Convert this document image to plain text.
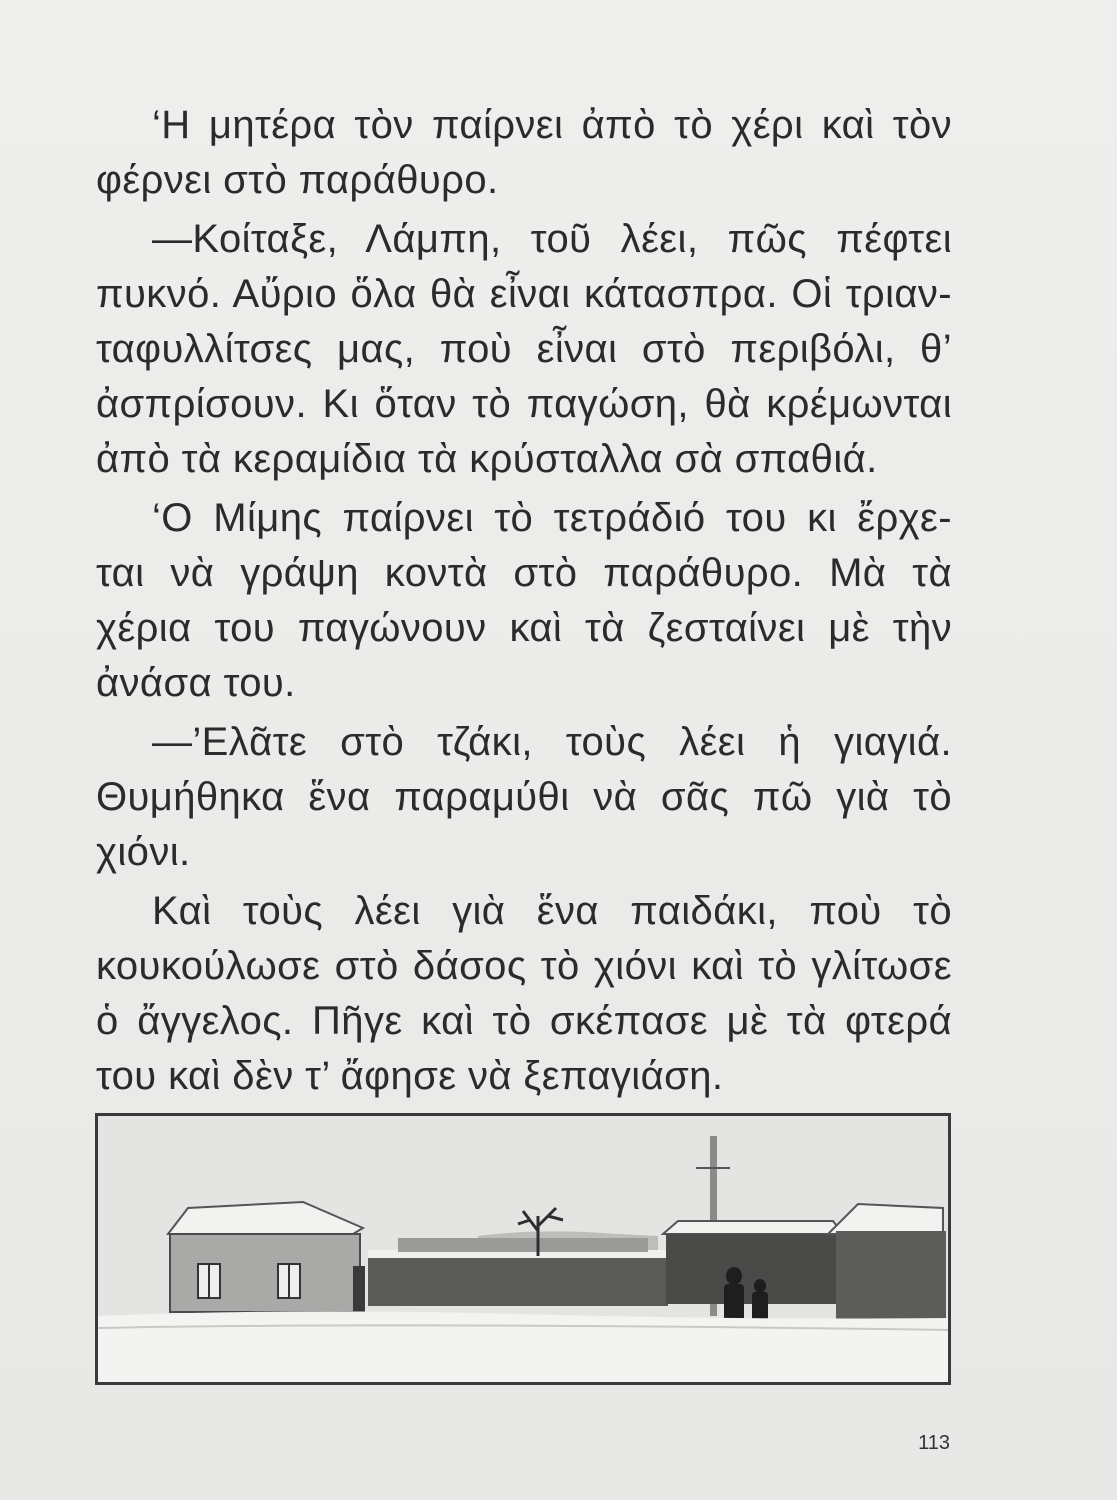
‘Η μητέρα τὸν παίρνει ἀπὸ τὸ χέρι καὶ τὸν
φέρνει στὸ παράθυρο.
—Κοίταξε, Λάμπη, τοῦ λέει, πῶς πέφτει
πυκνό. Αὔριο ὅλα θὰ εἶναι κάτασπρα. Οἱ τριαν-
ταφυλλίτσες μας, ποὺ εἶναι στὸ περιβόλι, θ’
ἀσπρίσουν. Κι ὅταν τὸ παγώση, θὰ κρέμωνται
ἀπὸ τὰ κεραμίδια τὰ κρύσταλλα σὰ σπαθιά.
‘Ο Μίμης παίρνει τὸ τετράδιό του κι ἔρχε-
ται νὰ γράψη κοντὰ στὸ παράθυρο. Μὰ τὰ
χέρια του παγώνουν καὶ τὰ ζεσταίνει μὲ τὴν
ἀνάσα του.
—’Ελᾶτε στὸ τζάκι, τοὺς λέει ἡ γιαγιά.
Θυμήθηκα ἕνα παραμύθι νὰ σᾶς πῶ γιὰ τὸ
χιόνι.
Καὶ τοὺς λέει γιὰ ἕνα παιδάκι, ποὺ τὸ
κουκούλωσε στὸ δάσος τὸ χιόνι καὶ τὸ γλίτωσε
ὁ ἄγγελος. Πῆγε καὶ τὸ σκέπασε μὲ τὰ φτερά
του καὶ δὲν τ’ ἄφησε νὰ ξεπαγιάση.
113
